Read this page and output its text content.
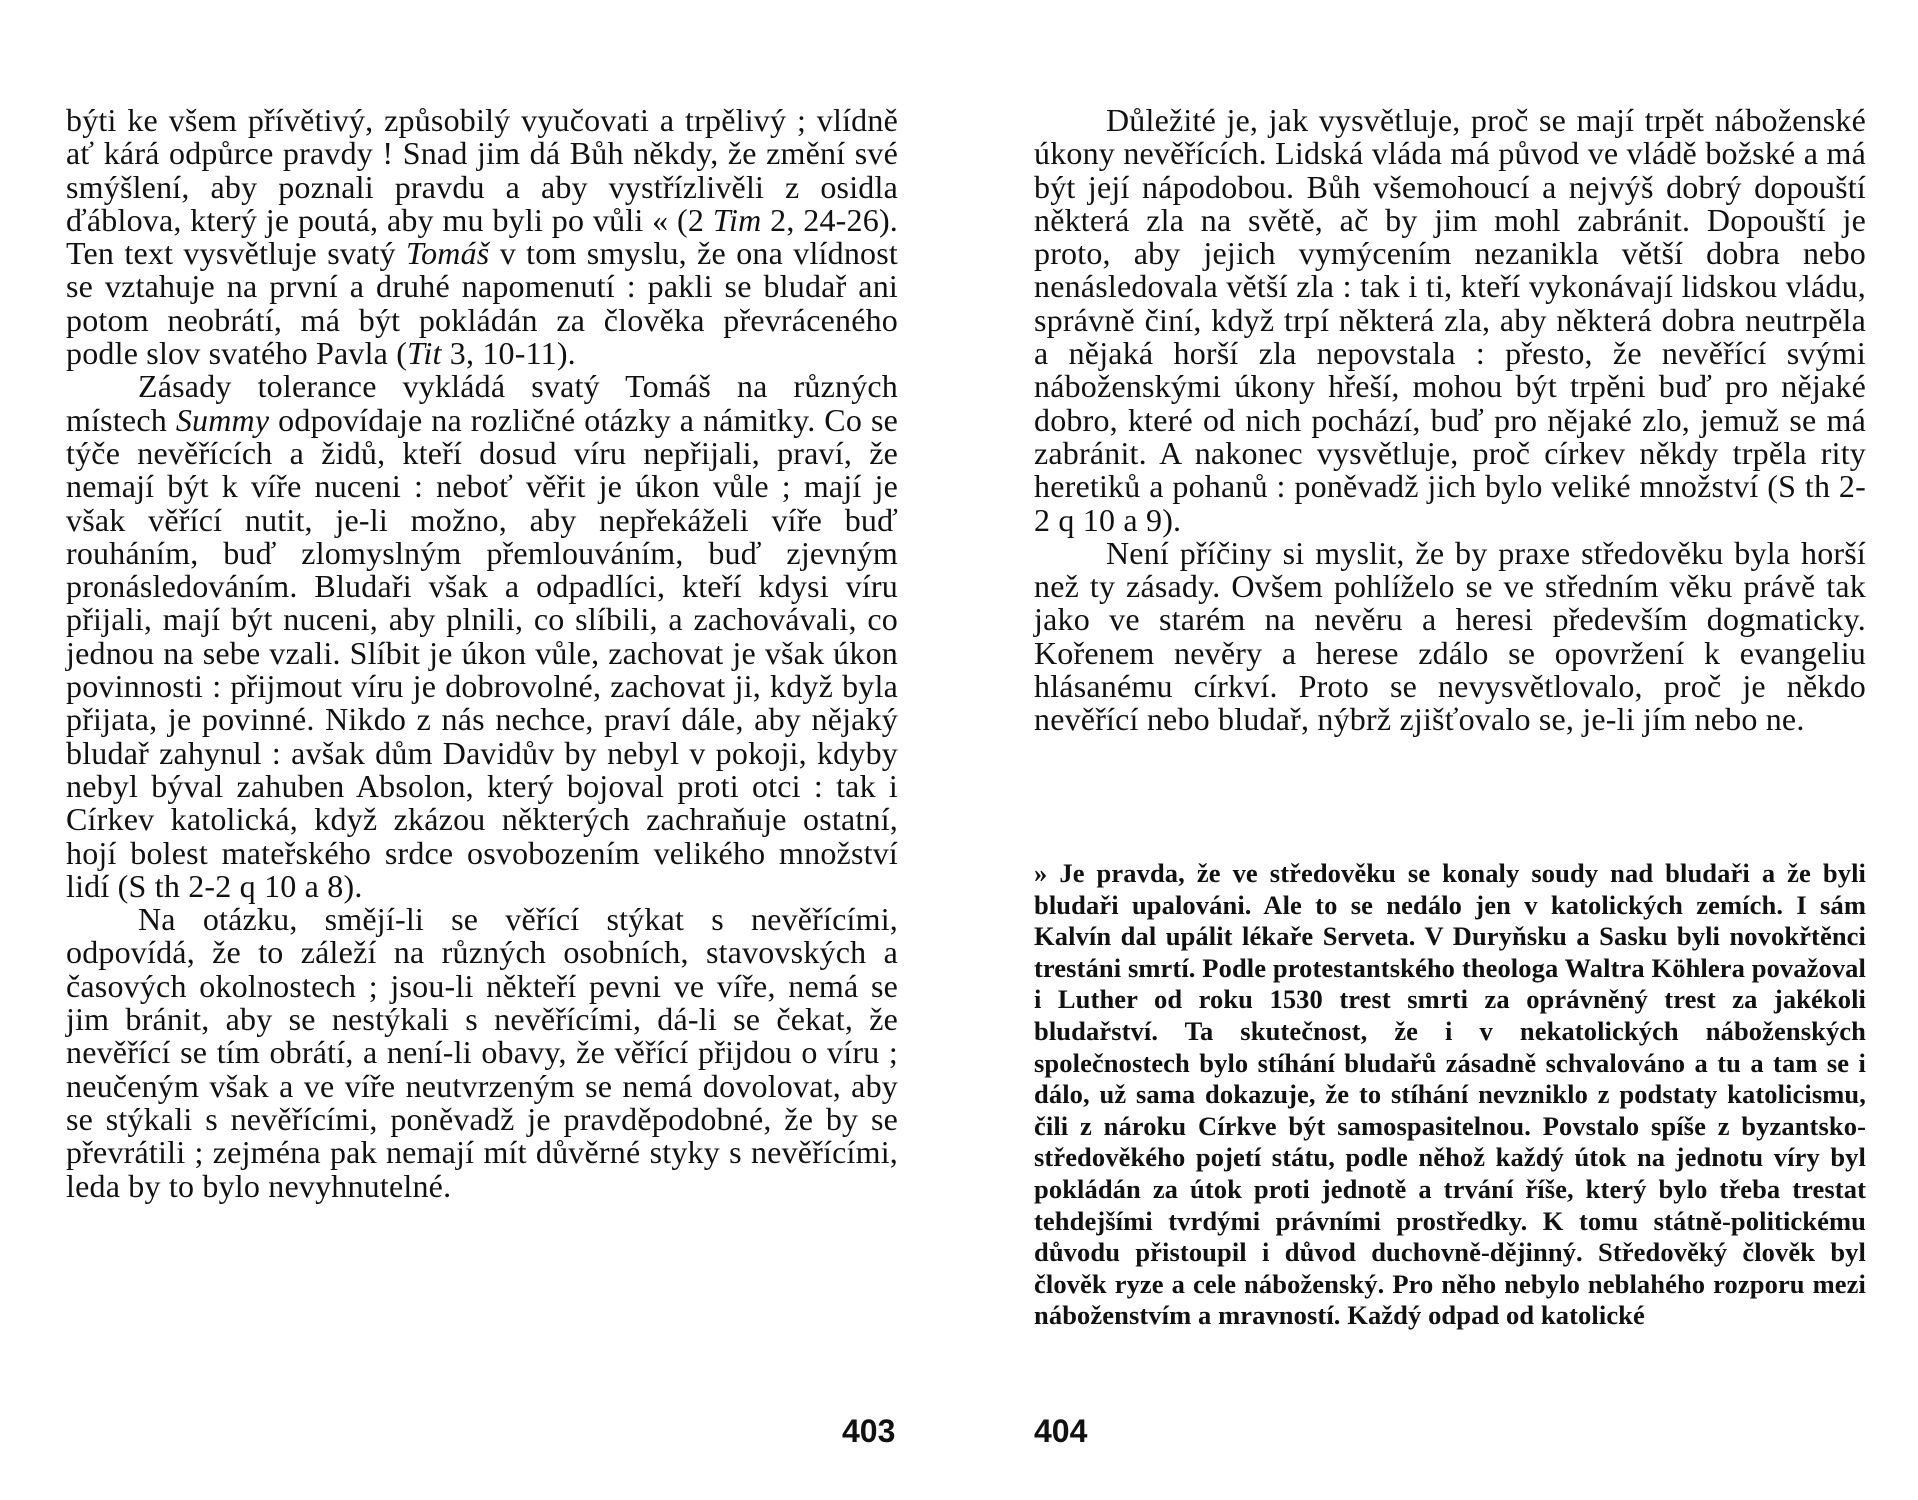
býti ke všem přívětivý, způsobilý vyučovati a trpělivý ; vlídně ať kárá odpůrce pravdy ! Snad jim dá Bůh někdy, že změní své smýšlení, aby poznali pravdu a aby vystřízlivěli z osidla ďáblova, který je poutá, aby mu byli po vůli « (2 Tim 2, 24-26). Ten text vysvětluje svatý Tomáš v tom smyslu, že ona vlídnost se vztahuje na první a druhé napomenutí : pakli se bludař ani potom neobrátí, má být pokládán za člověka převráceného podle slov svatého Pavla (Tit 3, 10-11).

Zásady tolerance vykládá svatý Tomáš na různých místech Summy odpovídaje na rozličné otázky a námitky. Co se týče nevěřících a židů, kteří dosud víru nepřijali, praví, že nemají být k víře nuceni : neboť věřit je úkon vůle ; mají je však věřící nutit, je-li možno, aby nepřekáželi víře buď rouháním, buď zlomyslným přemlouváním, buď zjevným pronásledováním. Bludaři však a odpadlíci, kteří kdysi víru přijali, mají být nuceni, aby plnili, co slíbili, a zachovávali, co jednou na sebe vzali. Slíbit je úkon vůle, zachovat je však úkon povinnosti : přijmout víru je dobrovolné, zachovat ji, když byla přijata, je povinné. Nikdo z nás nechce, praví dále, aby nějaký bludař zahynul : avšak dům Davidův by nebyl v pokoji, kdyby nebyl býval zahuben Absolon, který bojoval proti otci : tak i Církev katolická, když zkázou některých zachraňuje ostatní, hojí bolest mateřského srdce osvobozením velikého množství lidí (S th 2-2 q 10 a 8).

Na otázku, smějí-li se věřící stýkat s nevěřícími, odpovídá, že to záleží na různých osobních, stavovských a časových okolnostech ; jsou-li někteří pevni ve víře, nemá se jim bránit, aby se nestýkali s nevěřícími, dá-li se čekat, že nevěřící se tím obrátí, a není-li obavy, že věřící přijdou o víru ; neučeným však a ve víře neutvrzeným se nemá dovolovat, aby se stýkali s nevěřícími, poněvadž je pravděpodobné, že by se převrátili ; zejména pak nemají mít důvěrné styky s nevěřícími, leda by to bylo nevyhnutelné.

403

Důležité je, jak vysvětluje, proč se mají trpět náboženské úkony nevěřících. Lidská vláda má původ ve vládě božské a má být její nápodobou. Bůh všemohoucí a nejvýš dobrý dopouští některá zla na světě, ač by jim mohl zabránit. Dopouští je proto, aby jejich vymýcením nezanikla větší dobra nebo nenásledovala větší zla : tak i ti, kteří vykonávají lidskou vládu, správně činí, když trpí některá zla, aby některá dobra neutrpěla a nějaká horší zla nepovstala : přesto, že nevěřící svými náboženskými úkony hřeší, mohou být trpěni buď pro nějaké dobro, které od nich pochází, buď pro nějaké zlo, jemuž se má zabránit. A nakonec vysvětluje, proč církev někdy trpěla rity heretiků a pohanů : poněvadž jich bylo veliké množství (S th 2-2 q 10 a 9).

Není příčiny si myslit, že by praxe středověku byla horší než ty zásady. Ovšem pohlíželo se ve středním věku právě tak jako ve starém na nevěru a heresi především dogmaticky. Kořenem nevěry a herese zdálo se opovržení k evangeliu hlásanému církví. Proto se nevysvětlovalo, proč je někdo nevěřící nebo bludař, nýbrž zjišťovalo se, je-li jím nebo ne.

» Je pravda, že ve středověku se konaly soudy nad bludaři a že byli bludaři upalováni. Ale to se nedálo jen v katolických zemích. I sám Kalvín dal upálit lékaře Serveta. V Duryňsku a Sasku byli novokřtěnci trestáni smrtí. Podle protestantského theologa Waltra Köhlera považoval i Luther od roku 1530 trest smrti za oprávněný trest za jakékoli bludařství. Ta skutečnost, že i v nekatolických náboženských společnostech bylo stíhání bludařů zásadně schvalováno a tu a tam se i dálo, už sama dokazuje, že to stíhání nevzniklo z podstaty katolicismu, čili z nároku Církve být samospasitelnou. Povstalo spíše z byzantsko-středověkého pojetí státu, podle něhož každý útok na jednotu víry byl pokládán za útok proti jednotě a trvání říše, který bylo třeba trestat tehdejšími tvrdými právními prostředky. K tomu státně-politickému důvodu přistoupil i důvod duchovně-dějinný. Středověký člověk byl člověk ryze a cele náboženský. Pro něho nebylo neblahého rozporu mezi náboženstvím a mravností. Každý odpad od katolické

404
